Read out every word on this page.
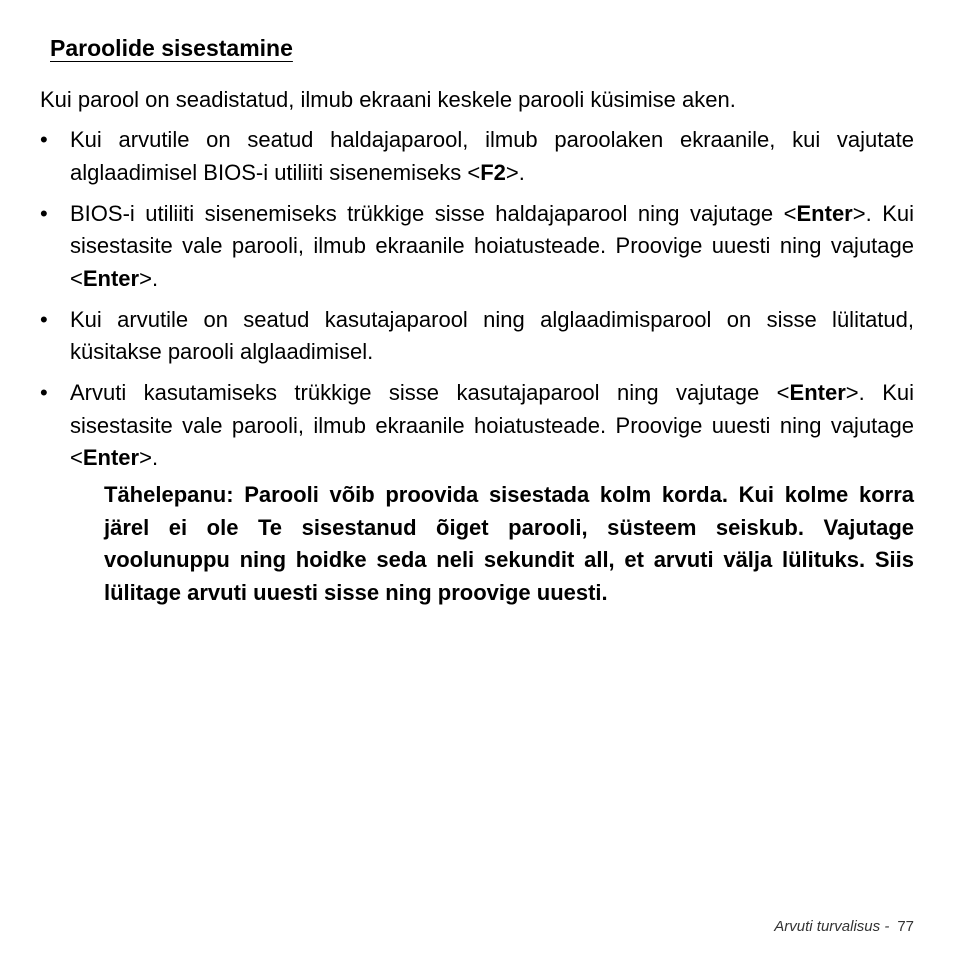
Paroolide sisestamine
Kui parool on seadistatud, ilmub ekraani keskele parooli küsimise aken.
• Kui arvutile on seatud haldajaparool, ilmub paroolaken ekraanile, kui vajutate alglaadimisel BIOS-i utiliiti sisenemiseks <F2>.
• BIOS-i utiliiti sisenemiseks trükkige sisse haldajaparool ning vajutage <Enter>. Kui sisestasite vale parooli, ilmub ekraanile hoiatusteade. Proovige uuesti ning vajutage <Enter>.
• Kui arvutile on seatud kasutajaparool ning alglaadimisparool on sisse lülitatud, küsitakse parooli alglaadimisel.
• Arvuti kasutamiseks trükkige sisse kasutajaparool ning vajutage <Enter>. Kui sisestasite vale parooli, ilmub ekraanile hoiatusteade. Proovige uuesti ning vajutage <Enter>.
Tähelepanu: Parooli võib proovida sisestada kolm korda. Kui kolme korra järel ei ole Te sisestanud õiget parooli, süsteem seiskub. Vajutage voolunuppu ning hoidke seda neli sekundit all, et arvuti välja lülituks. Siis lülitage arvuti uuesti sisse ning proovige uuesti.
Arvuti turvalisus - 77
